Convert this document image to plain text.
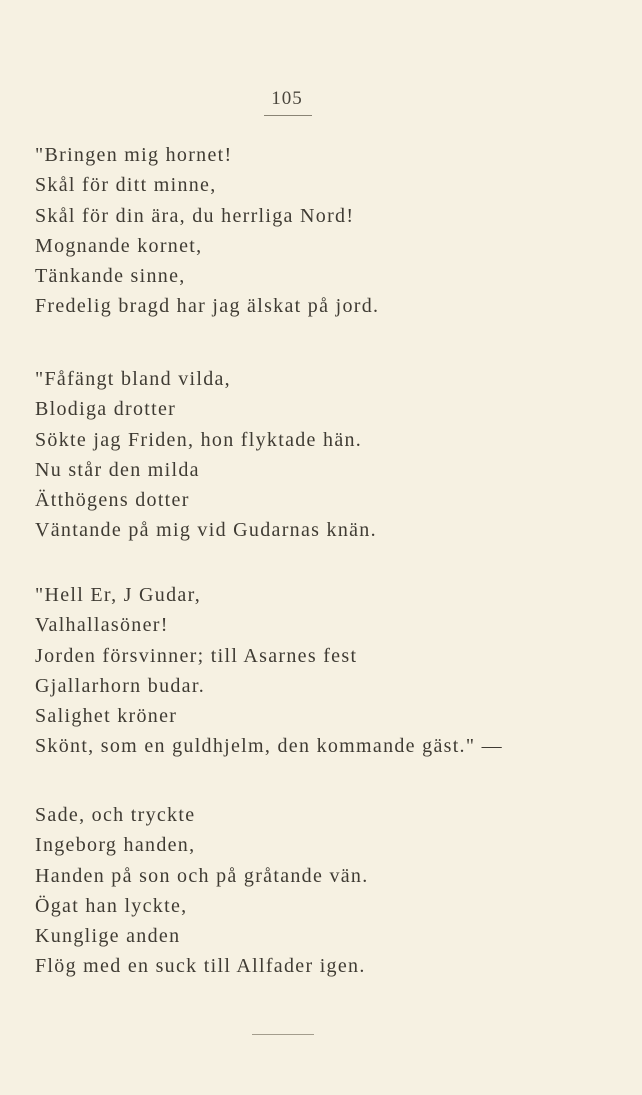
105
"Bringen mig hornet!
Skål för ditt minne,
Skål för din ära, du herrliga Nord!
Mognande kornet,
Tänkande sinne,
Fredelig bragd har jag älskat på jord.
"Fåfängt bland vilda,
Blodiga drotter
Sökte jag Friden, hon flyktade hän.
Nu står den milda
Ätthögens dotter
Väntande på mig vid Gudarnas knän.
"Hell Er, J Gudar,
Valhallasöner!
Jorden försvinner; till Asarnes fest
Gjallarhorn budar.
Salighet kröner
Skönt, som en guldhjelm, den kommande gäst." —
Sade, och tryckte
Ingeborg handen,
Handen på son och på gråtande vän.
Ögat han lyckte,
Kunglige anden
Flög med en suck till Allfader igen.
